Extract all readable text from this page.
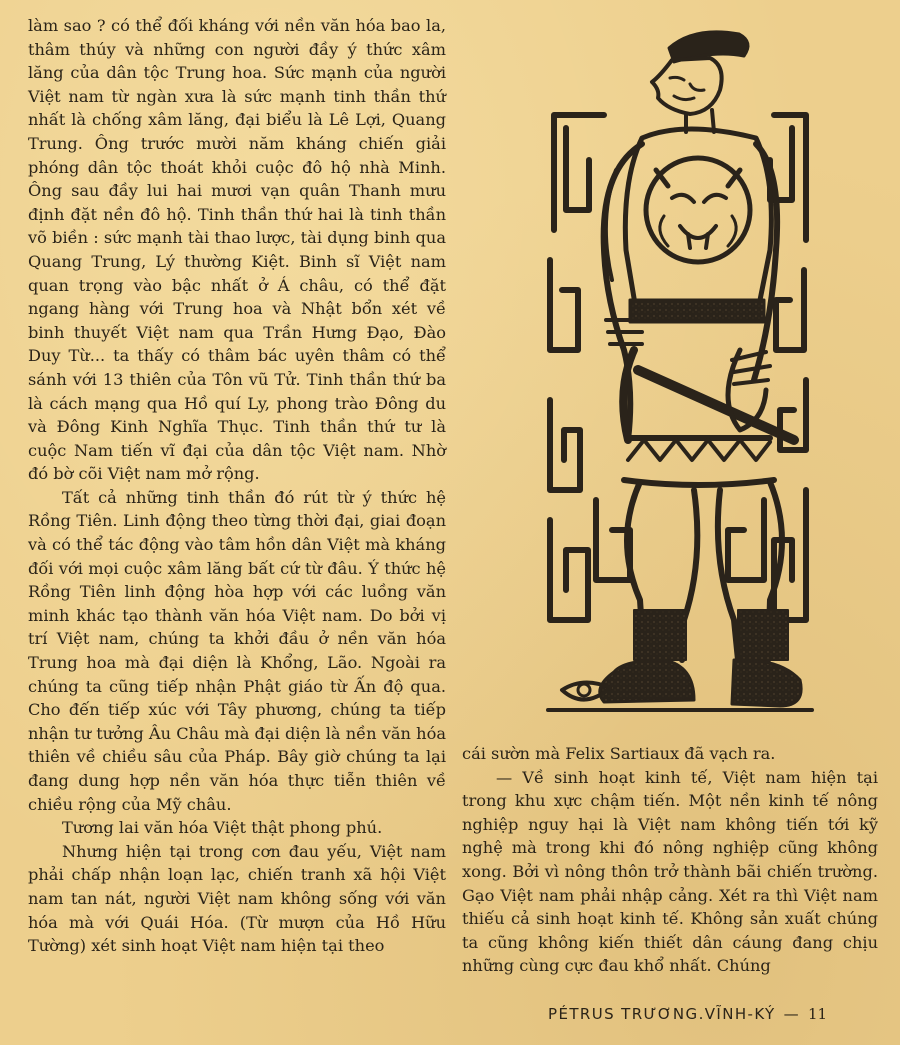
làm sao ? có thể đối kháng với nền văn hóa bao la, thâm thúy và những con người đầy ý thức xâm lăng của dân tộc Trung hoa. Sức mạnh của người Việt nam từ ngàn xưa là sức mạnh tinh thần thứ nhất là chống xâm lăng, đại biểu là Lê Lợi, Quang Trung. Ông trước mười năm kháng chiến giải phóng dân tộc thoát khỏi cuộc đô hộ nhà Minh. Ông sau đầy lui hai mươi vạn quân Thanh mưu định đặt nền đô hộ. Tinh thần thứ hai là tinh thần võ biền : sức mạnh tài thao lược, tài dụng binh qua Quang Trung, Lý thường Kiệt. Binh sĩ Việt nam quan trọng vào bậc nhất ở Á châu, có thể đặt ngang hàng với Trung hoa và Nhật bổn xét về binh thuyết Việt nam qua Trần Hưng Đạo, Đào Duy Từ... ta thấy có thâm bác uyên thâm có thể sánh với 13 thiên của Tôn vũ Tử. Tinh thần thứ ba là cách mạng qua Hồ quí Ly, phong trào Đông du và Đông Kinh Nghĩa Thục. Tinh thần thứ tư là cuộc Nam tiến vĩ đại của dân tộc Việt nam. Nhờ đó bờ cõi Việt nam mở rộng.

Tất cả những tinh thần đó rút từ ý thức hệ Rồng Tiên. Linh động theo từng thời đại, giai đoạn và có thể tác động vào tâm hồn dân Việt mà kháng đối với mọi cuộc xâm lăng bất cứ từ đâu. Ý thức hệ Rồng Tiên linh động hòa hợp với các luồng văn minh khác tạo thành văn hóa Việt nam. Do bởi vị trí Việt nam, chúng ta khởi đầu ở nền văn hóa Trung hoa mà đại diện là Khổng, Lão. Ngoài ra chúng ta cũng tiếp nhận Phật giáo từ Ấn độ qua. Cho đến tiếp xúc với Tây phương, chúng ta tiếp nhận tư tưởng Âu Châu mà đại diện là nền văn hóa thiên về chiều sâu của Pháp. Bây giờ chúng ta lại đang dung hợp nền văn hóa thực tiễn thiên về chiều rộng của Mỹ châu.

Tương lai văn hóa Việt thật phong phú.

Nhưng hiện tại trong cơn đau yếu, Việt nam phải chấp nhận loạn lạc, chiến tranh xã hội Việt nam tan nát, người Việt nam không sống với văn hóa mà với Quái Hóa. (Từ mượn của Hồ Hữu Tường) xét sinh hoạt Việt nam hiện tại theo

cái sườn mà Felix Sartiaux đã vạch ra.

— Về sinh hoạt kinh tế, Việt nam hiện tại trong khu xực chậm tiến. Một nền kinh tế nông nghiệp nguy hại là Việt nam không tiến tới kỹ nghệ mà trong khi đó nông nghiệp cũng không xong. Bởi vì nông thôn trở thành bãi chiến trường. Gạo Việt nam phải nhập cảng. Xét ra thì Việt nam thiếu cả sinh hoạt kinh tế. Không sản xuất chúng ta cũng không kiến thiết dân cáung đang chịu những cùng cực đau khổ nhất. Chúng

PÉTRUS TRƯƠNG.VĨNH-KÝ — 11
